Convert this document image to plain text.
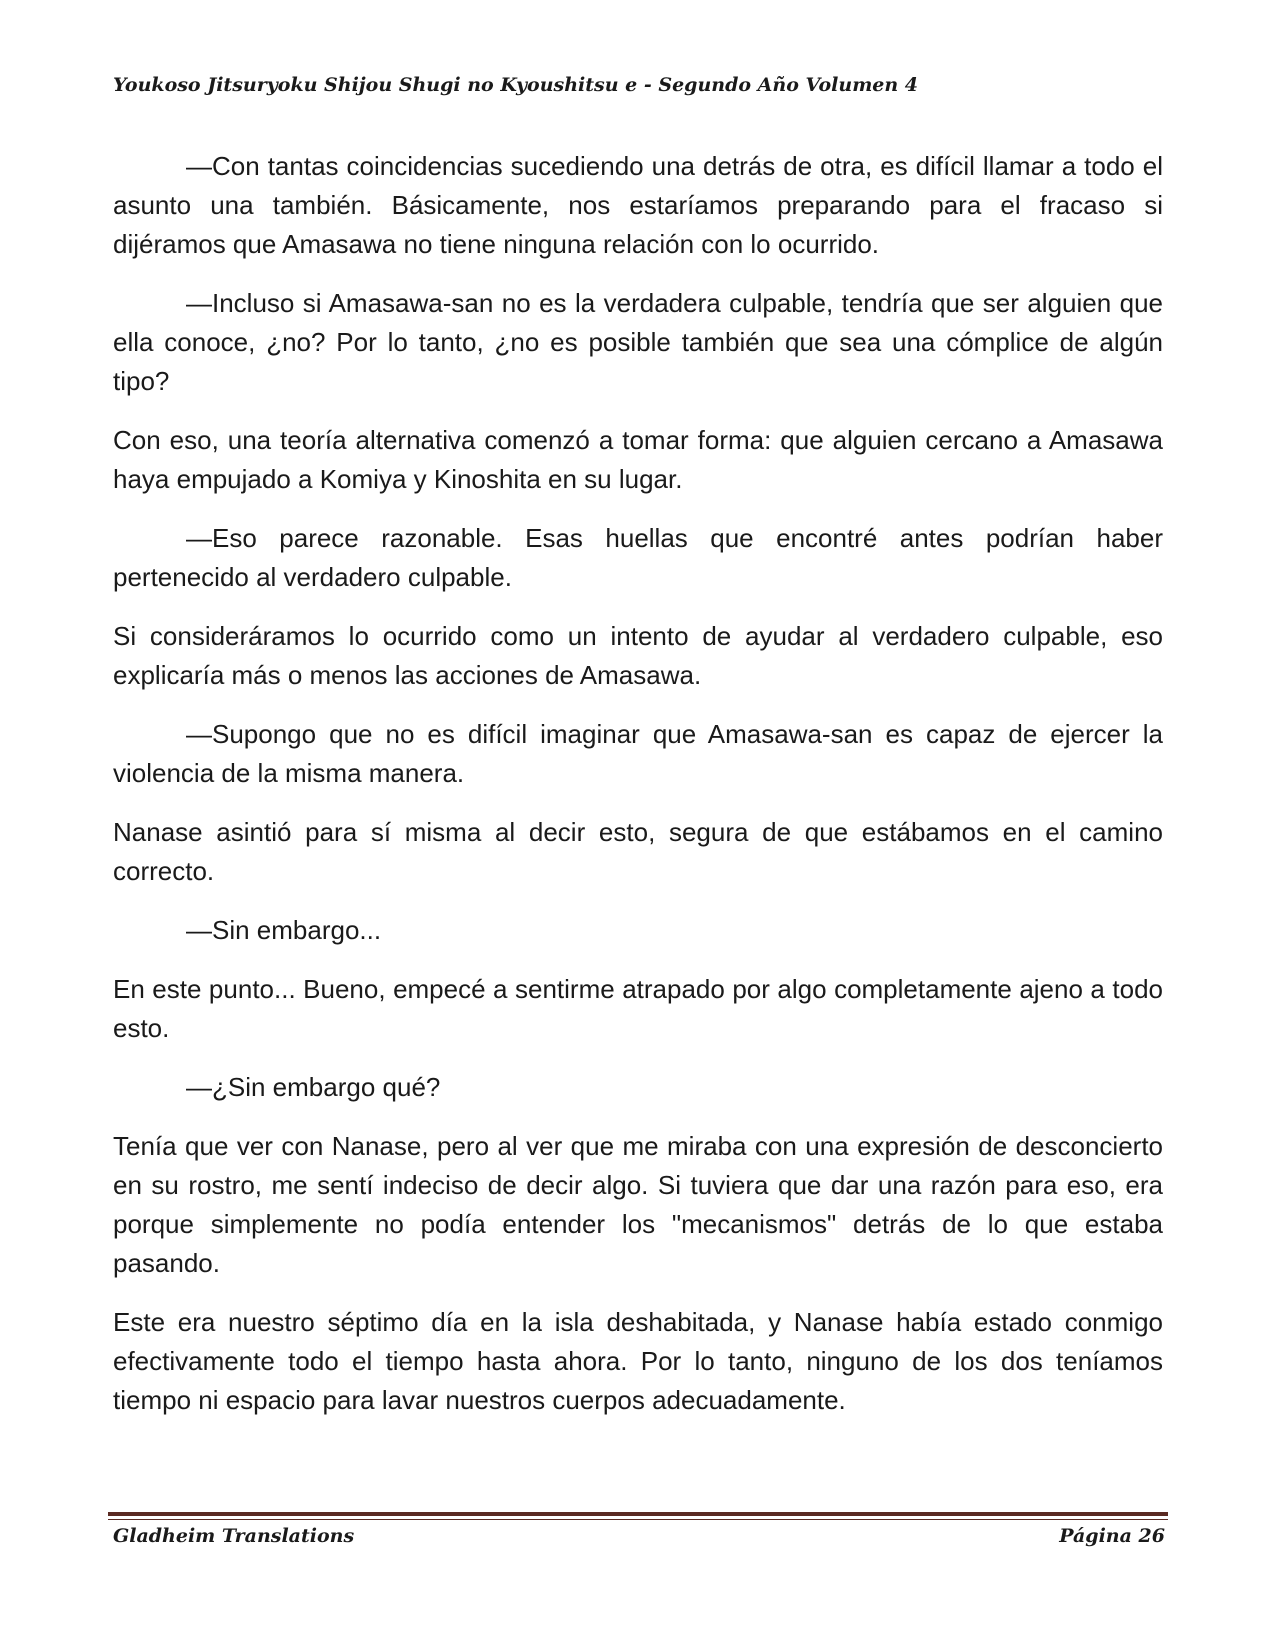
Youkoso Jitsuryoku Shijou Shugi no Kyoushitsu e - Segundo Año Volumen 4

—Con tantas coincidencias sucediendo una detrás de otra, es difícil llamar a todo el asunto una también. Básicamente, nos estaríamos preparando para el fracaso si dijéramos que Amasawa no tiene ninguna relación con lo ocurrido.

—Incluso si Amasawa-san no es la verdadera culpable, tendría que ser alguien que ella conoce, ¿no? Por lo tanto, ¿no es posible también que sea una cómplice de algún tipo?

Con eso, una teoría alternativa comenzó a tomar forma: que alguien cercano a Amasawa haya empujado a Komiya y Kinoshita en su lugar.

—Eso parece razonable. Esas huellas que encontré antes podrían haber pertenecido al verdadero culpable.

Si consideráramos lo ocurrido como un intento de ayudar al verdadero culpable, eso explicaría más o menos las acciones de Amasawa.

—Supongo que no es difícil imaginar que Amasawa-san es capaz de ejercer la violencia de la misma manera.

Nanase asintió para sí misma al decir esto, segura de que estábamos en el camino correcto.

—Sin embargo...

En este punto... Bueno, empecé a sentirme atrapado por algo completamente ajeno a todo esto.

—¿Sin embargo qué?

Tenía que ver con Nanase, pero al ver que me miraba con una expresión de desconcierto en su rostro, me sentí indeciso de decir algo. Si tuviera que dar una razón para eso, era porque simplemente no podía entender los "mecanismos" detrás de lo que estaba pasando.

Este era nuestro séptimo día en la isla deshabitada, y Nanase había estado conmigo efectivamente todo el tiempo hasta ahora. Por lo tanto, ninguno de los dos teníamos tiempo ni espacio para lavar nuestros cuerpos adecuadamente.

Gladheim Translations	Página 26
